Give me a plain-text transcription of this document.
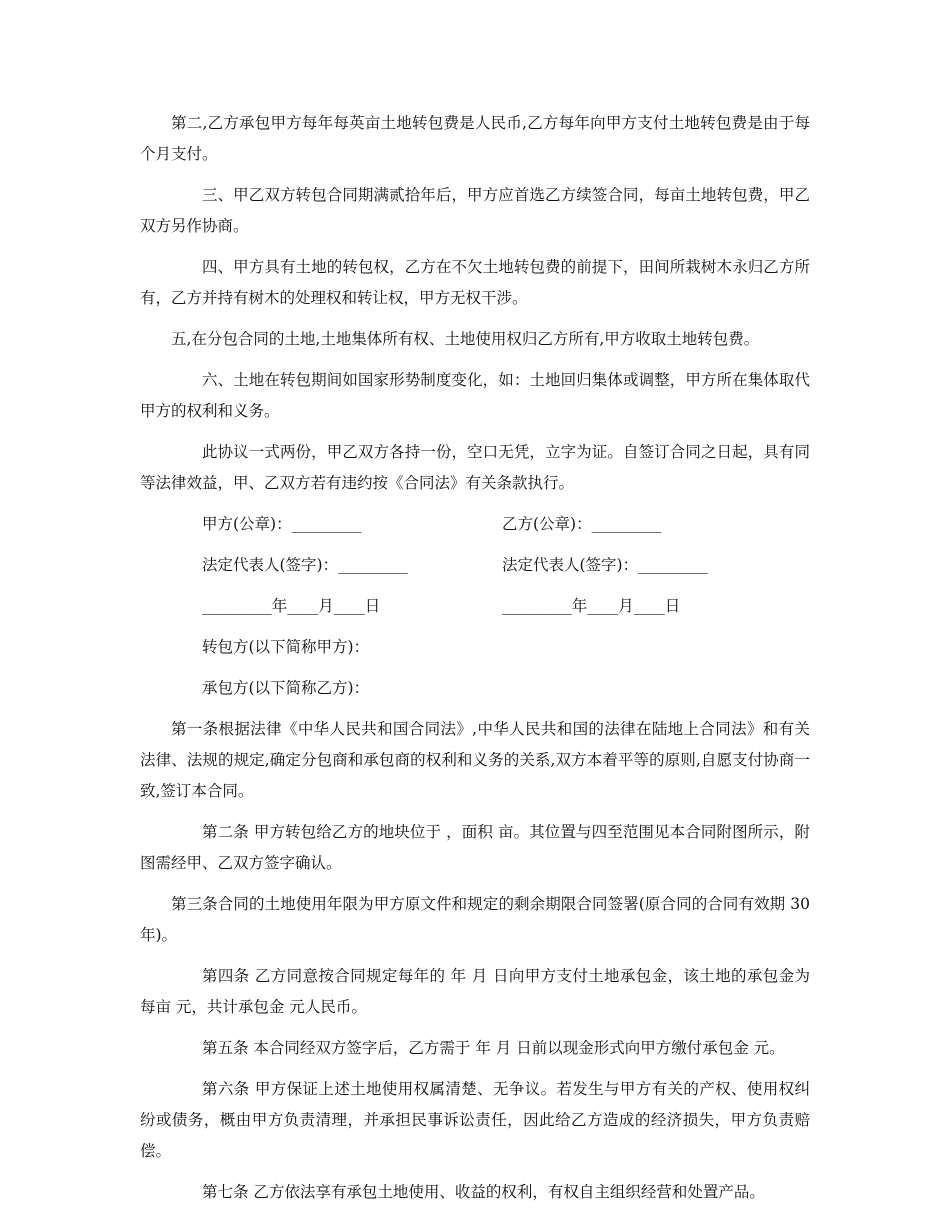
第二,乙方承包甲方每年每英亩土地转包费是人民币,乙方每年向甲方支付土地转包费是由于每个月支付。

三、甲乙双方转包合同期满贰拾年后，甲方应首选乙方续签合同，每亩土地转包费，甲乙双方另作协商。

四、甲方具有土地的转包权，乙方在不欠土地转包费的前提下，田间所栽树木永归乙方所有，乙方并持有树木的处理权和转让权，甲方无权干涉。

五,在分包合同的土地,土地集体所有权、土地使用权归乙方所有,甲方收取土地转包费。

六、土地在转包期间如国家形势制度变化，如：土地回归集体或调整，甲方所在集体取代甲方的权利和义务。

此协议一式两份，甲乙双方各持一份，空口无凭，立字为证。自签订合同之日起，具有同等法律效益，甲、乙双方若有违约按《合同法》有关条款执行。

甲方(公章)：_________	乙方(公章)：_________
法定代表人(签字)：_________	法定代表人(签字)：_________
_________年____月____日	_________年____月____日
转包方(以下简称甲方)：
承包方(以下简称乙方)：

第一条根据法律《中华人民共和国合同法》,中华人民共和国的法律在陆地上合同法》和有关法律、法规的规定,确定分包商和承包商的权利和义务的关系,双方本着平等的原则,自愿支付协商一致,签订本合同。

第二条 甲方转包给乙方的地块位于 ，面积 亩。其位置与四至范围见本合同附图所示，附图需经甲、乙双方签字确认。

第三条合同的土地使用年限为甲方原文件和规定的剩余期限合同签署(原合同的合同有效期 30 年)。

第四条 乙方同意按合同规定每年的 年 月 日向甲方支付土地承包金，该土地的承包金为每亩 元，共计承包金 元人民币。

第五条 本合同经双方签字后，乙方需于 年 月 日前以现金形式向甲方缴付承包金 元。

第六条 甲方保证上述土地使用权属清楚、无争议。若发生与甲方有关的产权、使用权纠纷或债务，概由甲方负责清理，并承担民事诉讼责任，因此给乙方造成的经济损失，甲方负责赔偿。

第七条 乙方依法享有承包土地使用、收益的权利，有权自主组织经营和处置产品。
